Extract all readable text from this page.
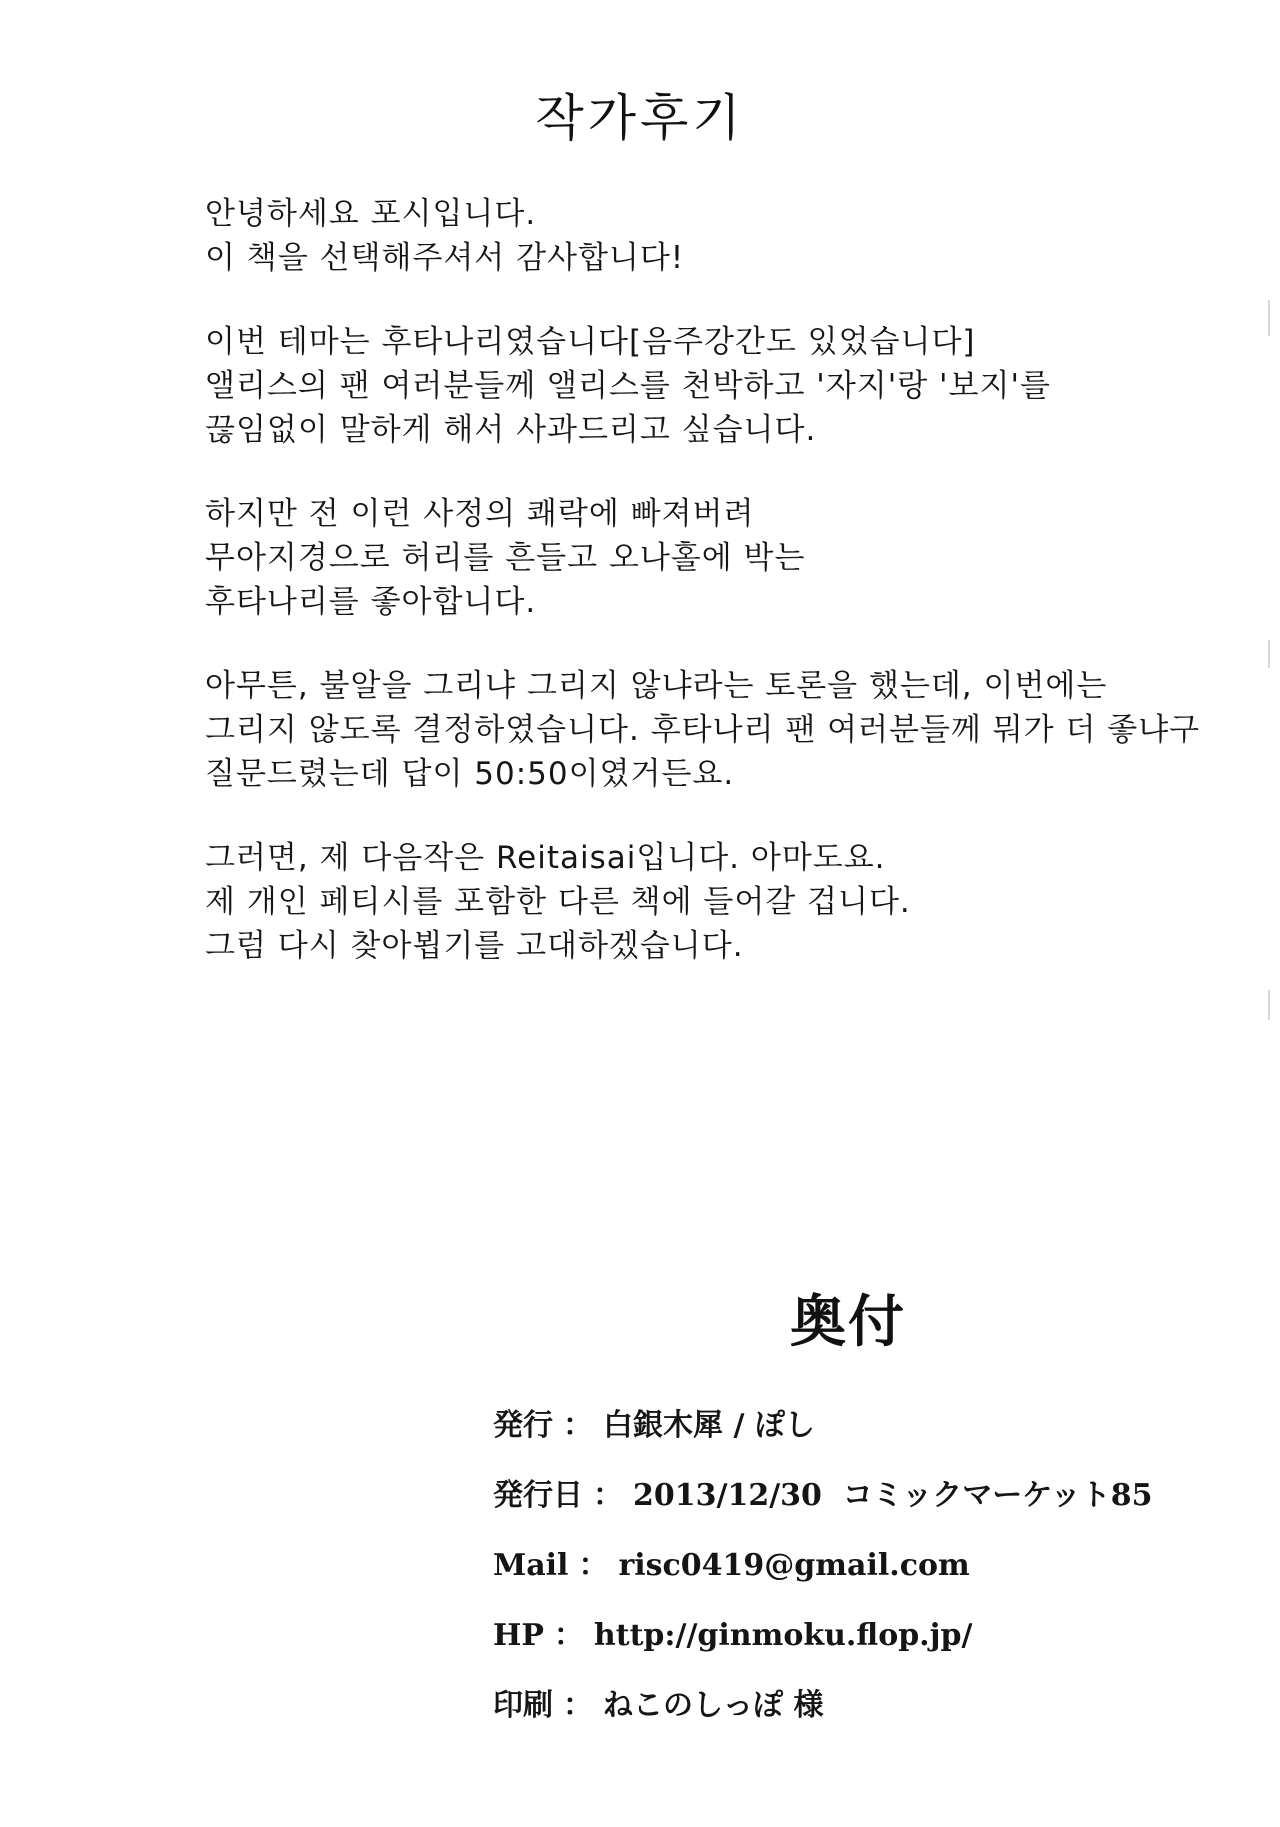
작가후기
안녕하세요 포시입니다.
이 책을 선택해주셔서 감사합니다!
이번 테마는 후타나리였습니다[음주강간도 있었습니다]
앨리스의 팬 여러분들께 앨리스를 천박하고 '자지'랑 '보지'를
끊임없이 말하게 해서 사과드리고 싶습니다.
하지만 전 이런 사정의 쾌락에 빠져버려
무아지경으로 허리를 흔들고 오나홀에 박는
후타나리를 좋아합니다.
아무튼, 불알을 그리냐 그리지 않냐라는 토론을 했는데, 이번에는
그리지 않도록 결정하였습니다. 후타나리 팬 여러분들께 뭐가 더 좋냐구
질문드렸는데 답이 50:50이였거든요.
그러면, 제 다음작은 Reitaisai입니다. 아마도요.
제 개인 페티시를 포함한 다른 책에 들어갈 겁니다.
그럼 다시 찾아뵙기를 고대하겠습니다.
奥付
発行 ： 白銀木犀 / ぽし
発行日 ： 2013/12/30  コミックマーケット85
Mail ： risc0419@gmail.com
HP ： http://ginmoku.flop.jp/
印刷 ： ねこのしっぽ 様
